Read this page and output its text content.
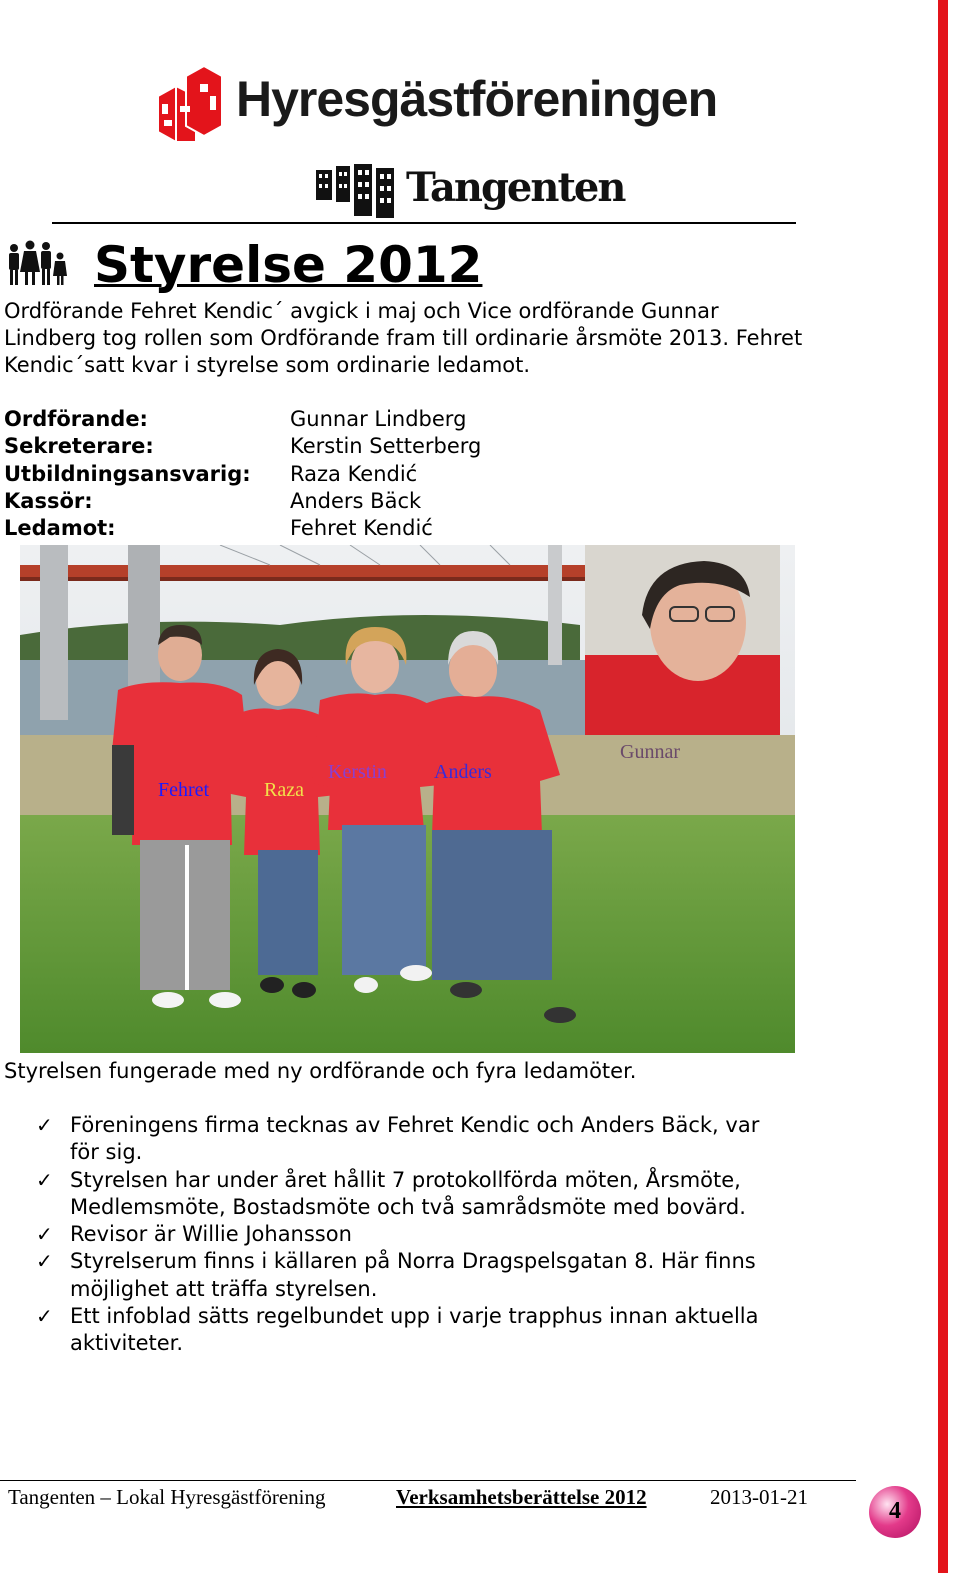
Hyresgästföreningen
Tangenten
Styrelse 2012

Ordförande Fehret Kendic´ avgick i maj och Vice ordförande Gunnar Lindberg tog rollen som Ordförande fram till ordinarie årsmöte 2013. Fehret Kendic´satt kvar i styrelse som ordinarie ledamot.

Ordförande:	Gunnar Lindberg
Sekreterare:	Kerstin Setterberg
Utbildningsansvarig:	Raza Kendić
Kassör:	Anders Bäck
Ledamot:	Fehret Kendić
Fehret	Raza
Kerstin Anders
Gunnar

Styrelsen fungerade med ny ordförande och fyra ledamöter.

✓ Föreningens firma tecknas av Fehret Kendic och Anders Bäck, var
för sig.
✓ Styrelsen har under året hållit 7 protokollförda möten, Årsmöte,
Medlemsmöte, Bostadsmöte och två samrådsmöte med bovärd.
✓ Revisor är Willie Johansson
✓ Styrelserum finns i källaren på Norra Dragspelsgatan 8. Här finns
möjlighet att träffa styrelsen.
✓ Ett infoblad sätts regelbundet upp i varje trapphus innan aktuella
aktiviteter.
Tangenten – Lokal Hyresgästförening	Verksamhetsberättelse 2012	2013-01-21
4
